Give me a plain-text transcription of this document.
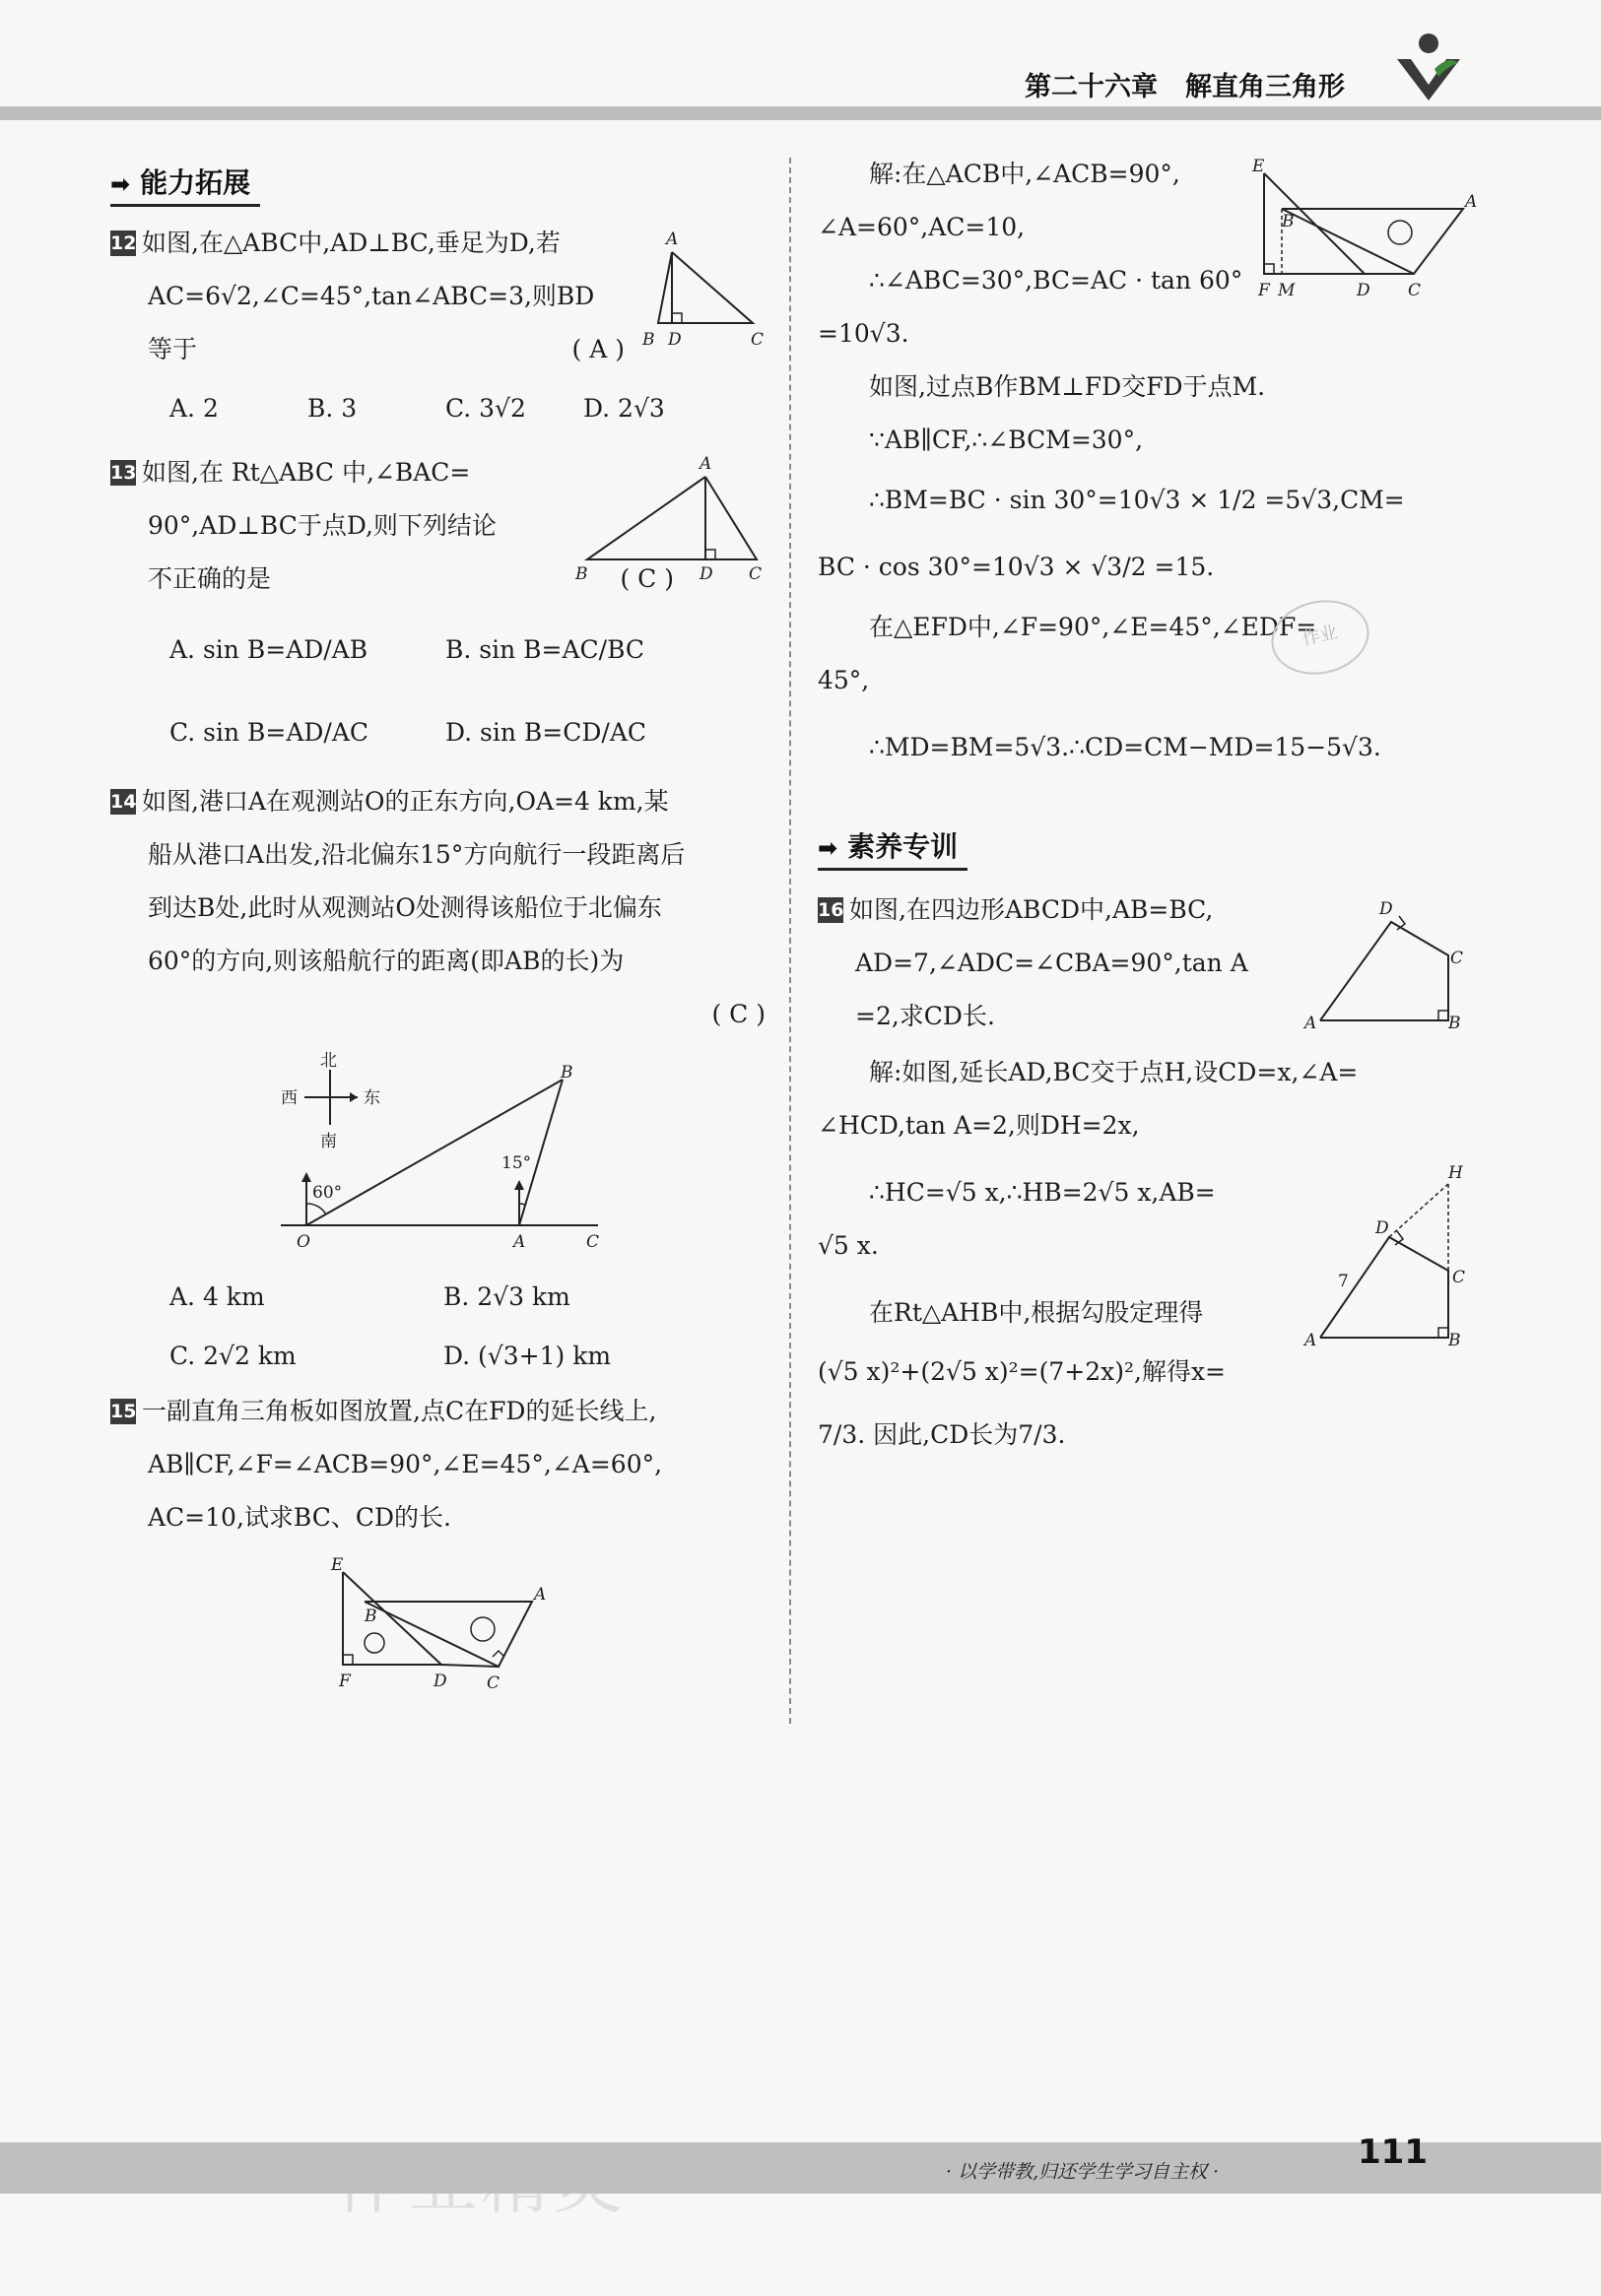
第二十六章 解直角三角形
➡ 能力拓展
12 如图,在△ABC中,AD⊥BC,垂足为D,若
AC=6√2,∠C=45°,tan∠ABC=3,则BD
等于	( A )
A. 2	B. 3	C. 3√2 D. 2√3
A
B D	C
13 如图,在 Rt△ABC 中,∠BAC=
90°,AD⊥BC于点D,则下列结论
不正确的是	( C )
A. sin B=AD/AB	B. sin B=AC/BC
C. sin B=AD/AC	D. sin B=CD/AC
A
B	D C
14 如图,港口A在观测站O的正东方向,OA=4 km,某
船从港口A出发,沿北偏东15°方向航行一段距离后
到达B处,此时从观测站O处测得该船位于北偏东
60°的方向,则该船航行的距离(即AB的长)为
( C )
北
西	东
南
B
15°
60°
O	A	C
A. 4 km	B. 2√3 km
C. 2√2 km	D. (√3+1) km
15 一副直角三角板如图放置,点C在FD的延长线上,
AB∥CF,∠F=∠ACB=90°,∠E=45°,∠A=60°,
AC=10,试求BC、CD的长.
E
B
A
F	D C
解:在△ACB中,∠ACB=90°,
∠A=60°,AC=10,
∴∠ABC=30°,BC=AC · tan 60°
=10√3.
如图,过点B作BM⊥FD交FD于点M.
∵AB∥CF,∴∠BCM=30°,
∴BM=BC · sin 30°=10√3 × 1/2 =5√3,CM=
BC · cos 30°=10√3 × √3/2 =15.
在△EFD中,∠F=90°,∠E=45°,∠EDF=
45°,
∴MD=BM=5√3.∴CD=CM−MD=15−5√3.
E
B
A
F M	D C
作业
➡ 素养专训
16 如图,在四边形ABCD中,AB=BC,
AD=7,∠ADC=∠CBA=90°,tan A
=2,求CD长.
D
C
A	B
解:如图,延长AD,BC交于点H,设CD=x,∠A=
∠HCD,tan A=2,则DH=2x,
∴HC=√5 x,∴HB=2√5 x,AB=
√5 x.
在Rt△AHB中,根据勾股定理得
(√5 x)²+(2√5 x)²=(7+2x)²,解得x=
7/3. 因此,CD长为7/3.
H
D
7	C
A	B
· 以学带教,归还学生学习自主权 ·	111
